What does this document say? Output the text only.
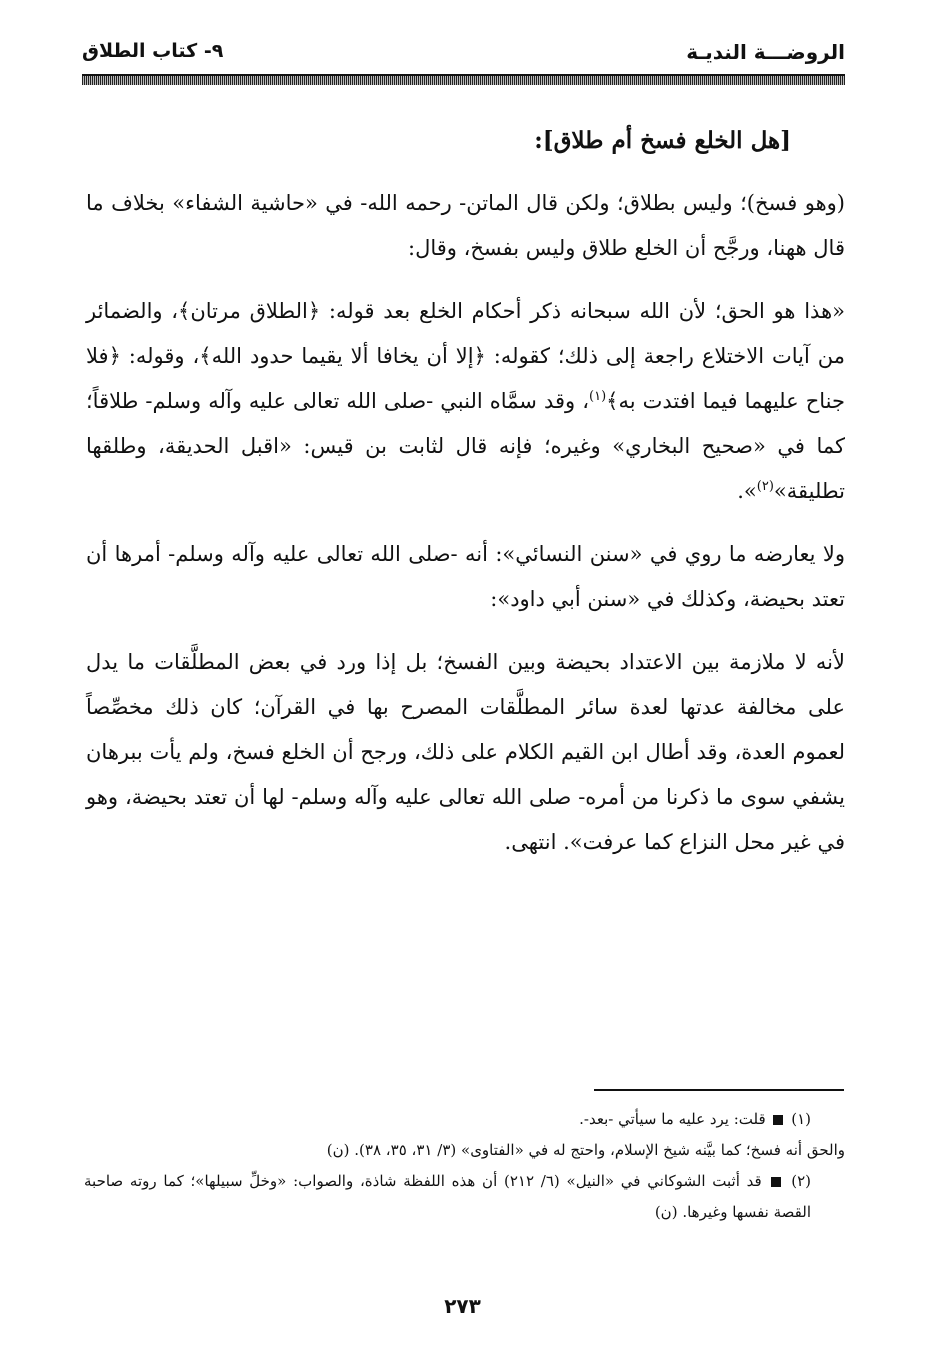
الروضـــة النديـة
٩- كتاب الطلاق

[هل الخلع فسخ أم طلاق]:

(وهو فسخ)؛ وليس بطلاق؛ ولكن قال الماتن- رحمه الله- في «حاشية الشفاء» بخلاف ما قال ههنا، ورجَّح أن الخلع طلاق وليس بفسخ، وقال:

«هذا هو الحق؛ لأن الله سبحانه ذكر أحكام الخلع بعد قوله: ﴿الطلاق مرتان﴾، والضمائر من آيات الاختلاع راجعة إلى ذلك؛ كقوله: ﴿إلا أن يخافا ألا يقيما حدود الله﴾، وقوله: ﴿فلا جناح عليهما فيما افتدت به﴾$^{(١)}$، وقد سمَّاه النبي -صلى الله تعالى عليه وآله وسلم- طلاقاً؛ كما في «صحيح البخاري» وغيره؛ فإنه قال لثابت بن قيس: «اقبل الحديقة، وطلقها تطليقة»$^{(٢)}$».

ولا يعارضه ما روي في «سنن النسائي»: أنه -صلى الله تعالى عليه وآله وسلم- أمرها أن تعتد بحيضة، وكذلك في «سنن أبي داود»:

لأنه لا ملازمة بين الاعتداد بحيضة وبين الفسخ؛ بل إذا ورد في بعض المطلَّقات ما يدل على مخالفة عدتها لعدة سائر المطلَّقات المصرح بها في القرآن؛ كان ذلك مخصِّصاً لعموم العدة، وقد أطال ابن القيم الكلام على ذلك، ورجح أن الخلع فسخ، ولم يأت ببرهان يشفي سوى ما ذكرنا من أمره- صلى الله تعالى عليه وآله وسلم- لها أن تعتد بحيضة، وهو في غير محل النزاع كما عرفت». انتهى.

(١)  قلت: يرد عليه ما سيأتي -بعد-.

والحق أنه فسخ؛ كما بيَّنه شيخ الإسلام، واحتج له في «الفتاوى» (٣/ ٣١، ٣٥، ٣٨). (ن)

(٢)  قد أثبت الشوكاني في «النيل» (٦/ ٢١٢) أن هذه اللفظة شاذة، والصواب: «وخلِّ سبيلها»؛ كما روته صاحبة القصة نفسها وغيرها. (ن)

٢٧٣
